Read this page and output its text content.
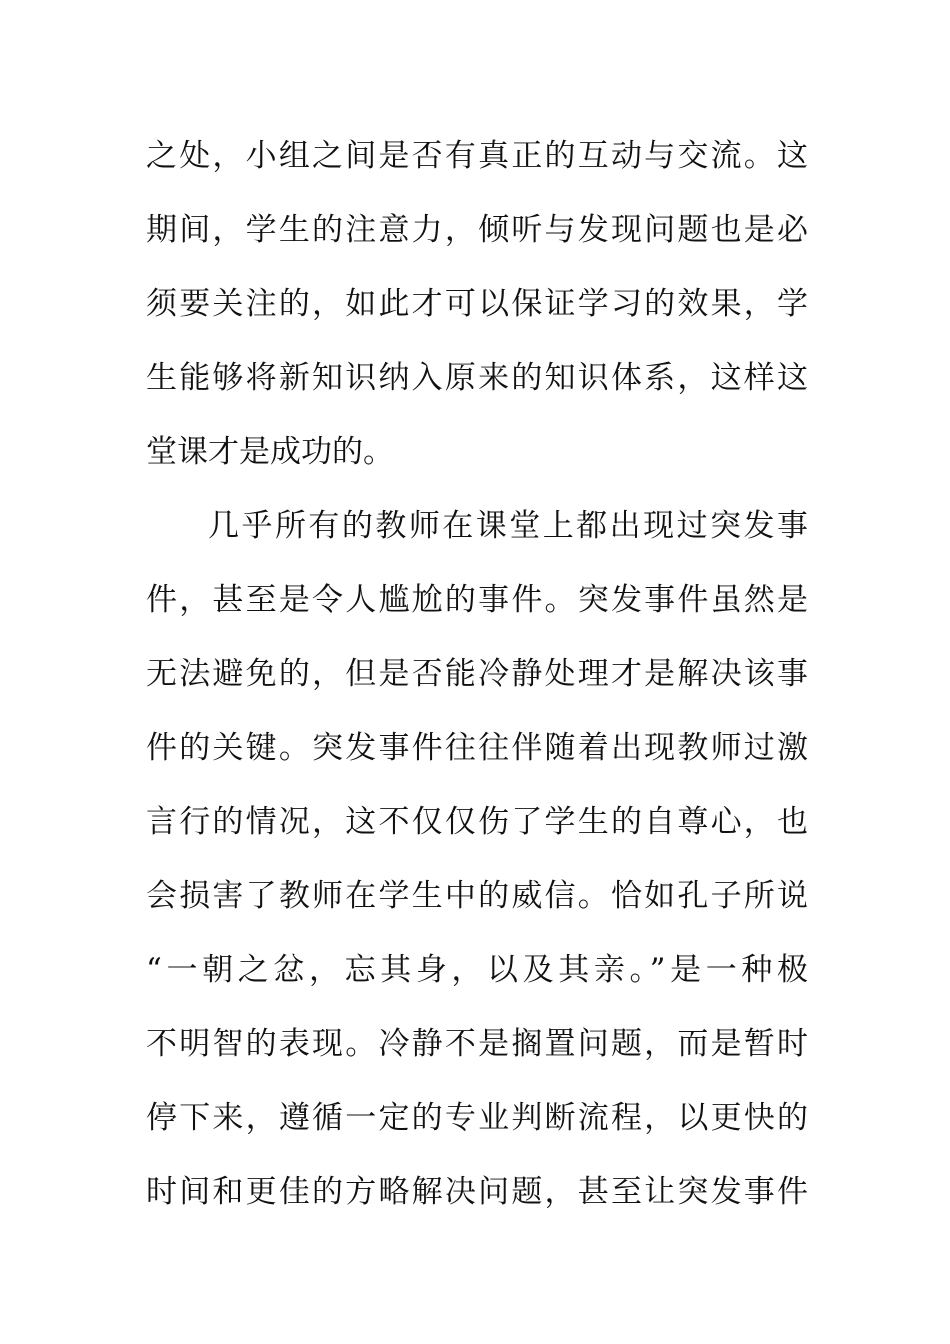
之处，小组之间是否有真正的互动与交流。这
期间，学生的注意力，倾听与发现问题也是必
须要关注的，如此才可以保证学习的效果，学
生能够将新知识纳入原来的知识体系，这样这
堂课才是成功的。
几乎所有的教师在课堂上都出现过突发事
件，甚至是令人尴尬的事件。突发事件虽然是
无法避免的，但是否能冷静处理才是解决该事
件的关键。突发事件往往伴随着出现教师过激
言行的情况，这不仅仅伤了学生的自尊心，也
会损害了教师在学生中的威信。恰如孔子所说
“一朝之忿，忘其身，以及其亲。”是一种极
不明智的表现。冷静不是搁置问题，而是暂时
停下来，遵循一定的专业判断流程，以更快的
时间和更佳的方略解决问题，甚至让突发事件
